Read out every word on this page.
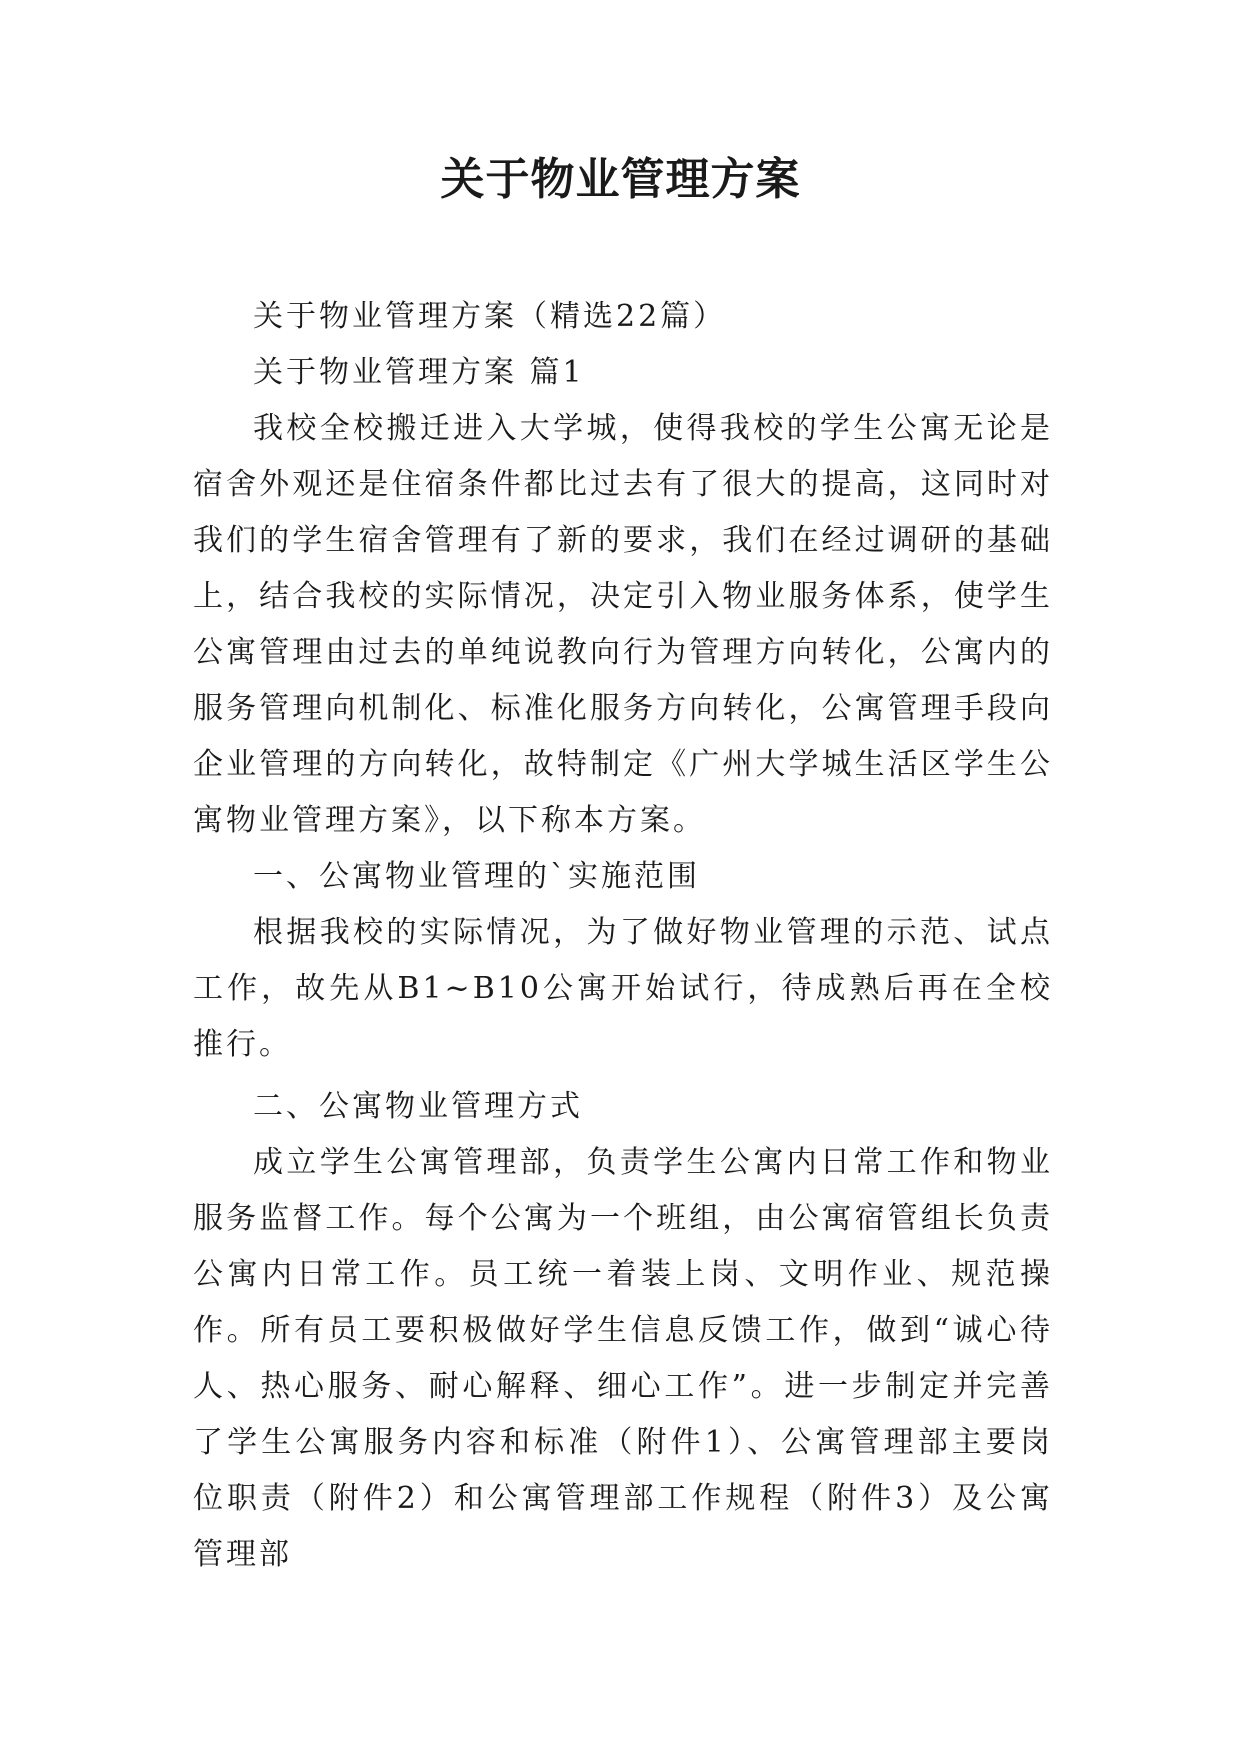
关于物业管理方案

关于物业管理方案（精选22篇）

关于物业管理方案 篇1

我校全校搬迁进入大学城，使得我校的学生公寓无论是宿舍外观还是住宿条件都比过去有了很大的提高，这同时对我们的学生宿舍管理有了新的要求，我们在经过调研的基础上，结合我校的实际情况，决定引入物业服务体系，使学生公寓管理由过去的单纯说教向行为管理方向转化，公寓内的服务管理向机制化、标准化服务方向转化，公寓管理手段向企业管理的方向转化，故特制定《广州大学城生活区学生公寓物业管理方案》，以下称本方案。

一、公寓物业管理的`实施范围

根据我校的实际情况，为了做好物业管理的示范、试点工作，故先从B1~B10公寓开始试行，待成熟后再在全校推行。

二、公寓物业管理方式

成立学生公寓管理部，负责学生公寓内日常工作和物业服务监督工作。每个公寓为一个班组，由公寓宿管组长负责公寓内日常工作。员工统一着装上岗、文明作业、规范操作。所有员工要积极做好学生信息反馈工作，做到“诚心待人、热心服务、耐心解释、细心工作”。进一步制定并完善了学生公寓服务内容和标准（附件1）、公寓管理部主要岗位职责（附件2）和公寓管理部工作规程（附件3）及公寓管理部
